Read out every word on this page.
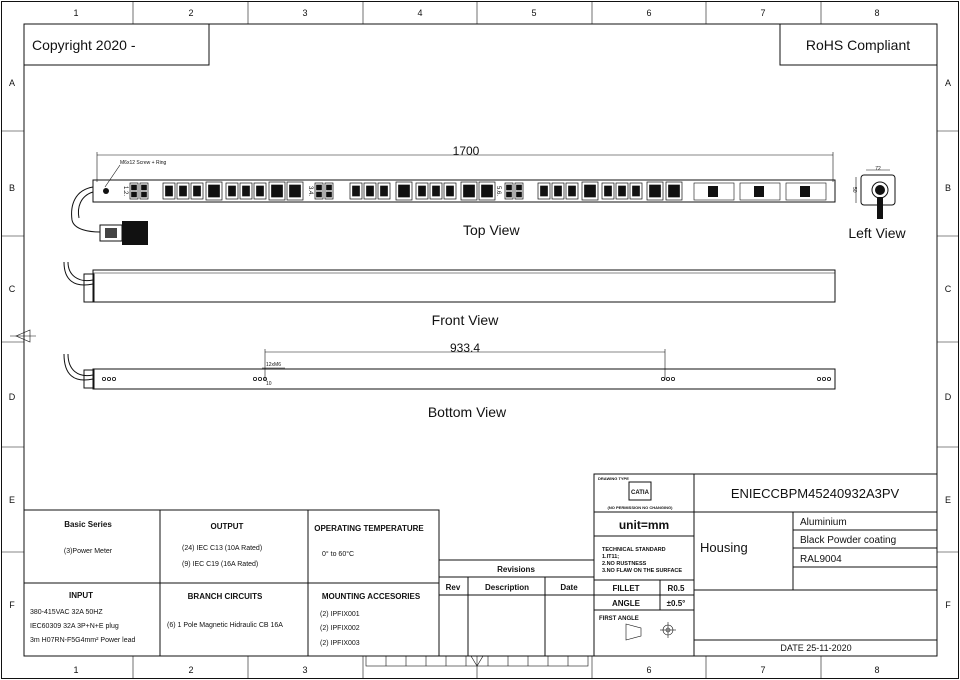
1	2	3	4	5	6	7	8
1	2	3	6	7	8
A
B
C
D
E
F
A
B
C
D
E
F
Copyright 2020 -	RoHS Compliant
1700
M6x12 Screw + Ring
1.2.	3.4.	5.6.
Top View
72
50
Left View
Front View
933.4
12xM6
10
Bottom View
Basic Series
(3)Power Meter
OUTPUT
(24) IEC C13 (10A Rated)
(9) IEC C19 (16A Rated)
OPERATING TEMPERATURE
0° to 60°C
INPUT
380-415VAC 32A 50HZ
IEC60309 32A 3P+N+E plug
3m H07RN-F5G4mm² Power lead
BRANCH CIRCUITS
(6) 1 Pole Magnetic Hidraulic CB 16A
MOUNTING ACCESORIES
(2) IPFIX001
(2) IPFIX002
(2) IPFIX003
Revisions
Rev	Description	Date
DRAWING TYPE
CATIA
(NO PERMISSION NO CHANGING)
ENIECCBPM45240932A3PV
unit=mm
Housing
Aluminium
Black Powder coating
RAL9004
TECHNICAL STANDARD
1.IT11;
2.NO RUSTNESS
3.NO FLAW ON THE SURFACE
FILLET	R0.5
ANGLE	±0.5°
FIRST ANGLE
DATE 25-11-2020
